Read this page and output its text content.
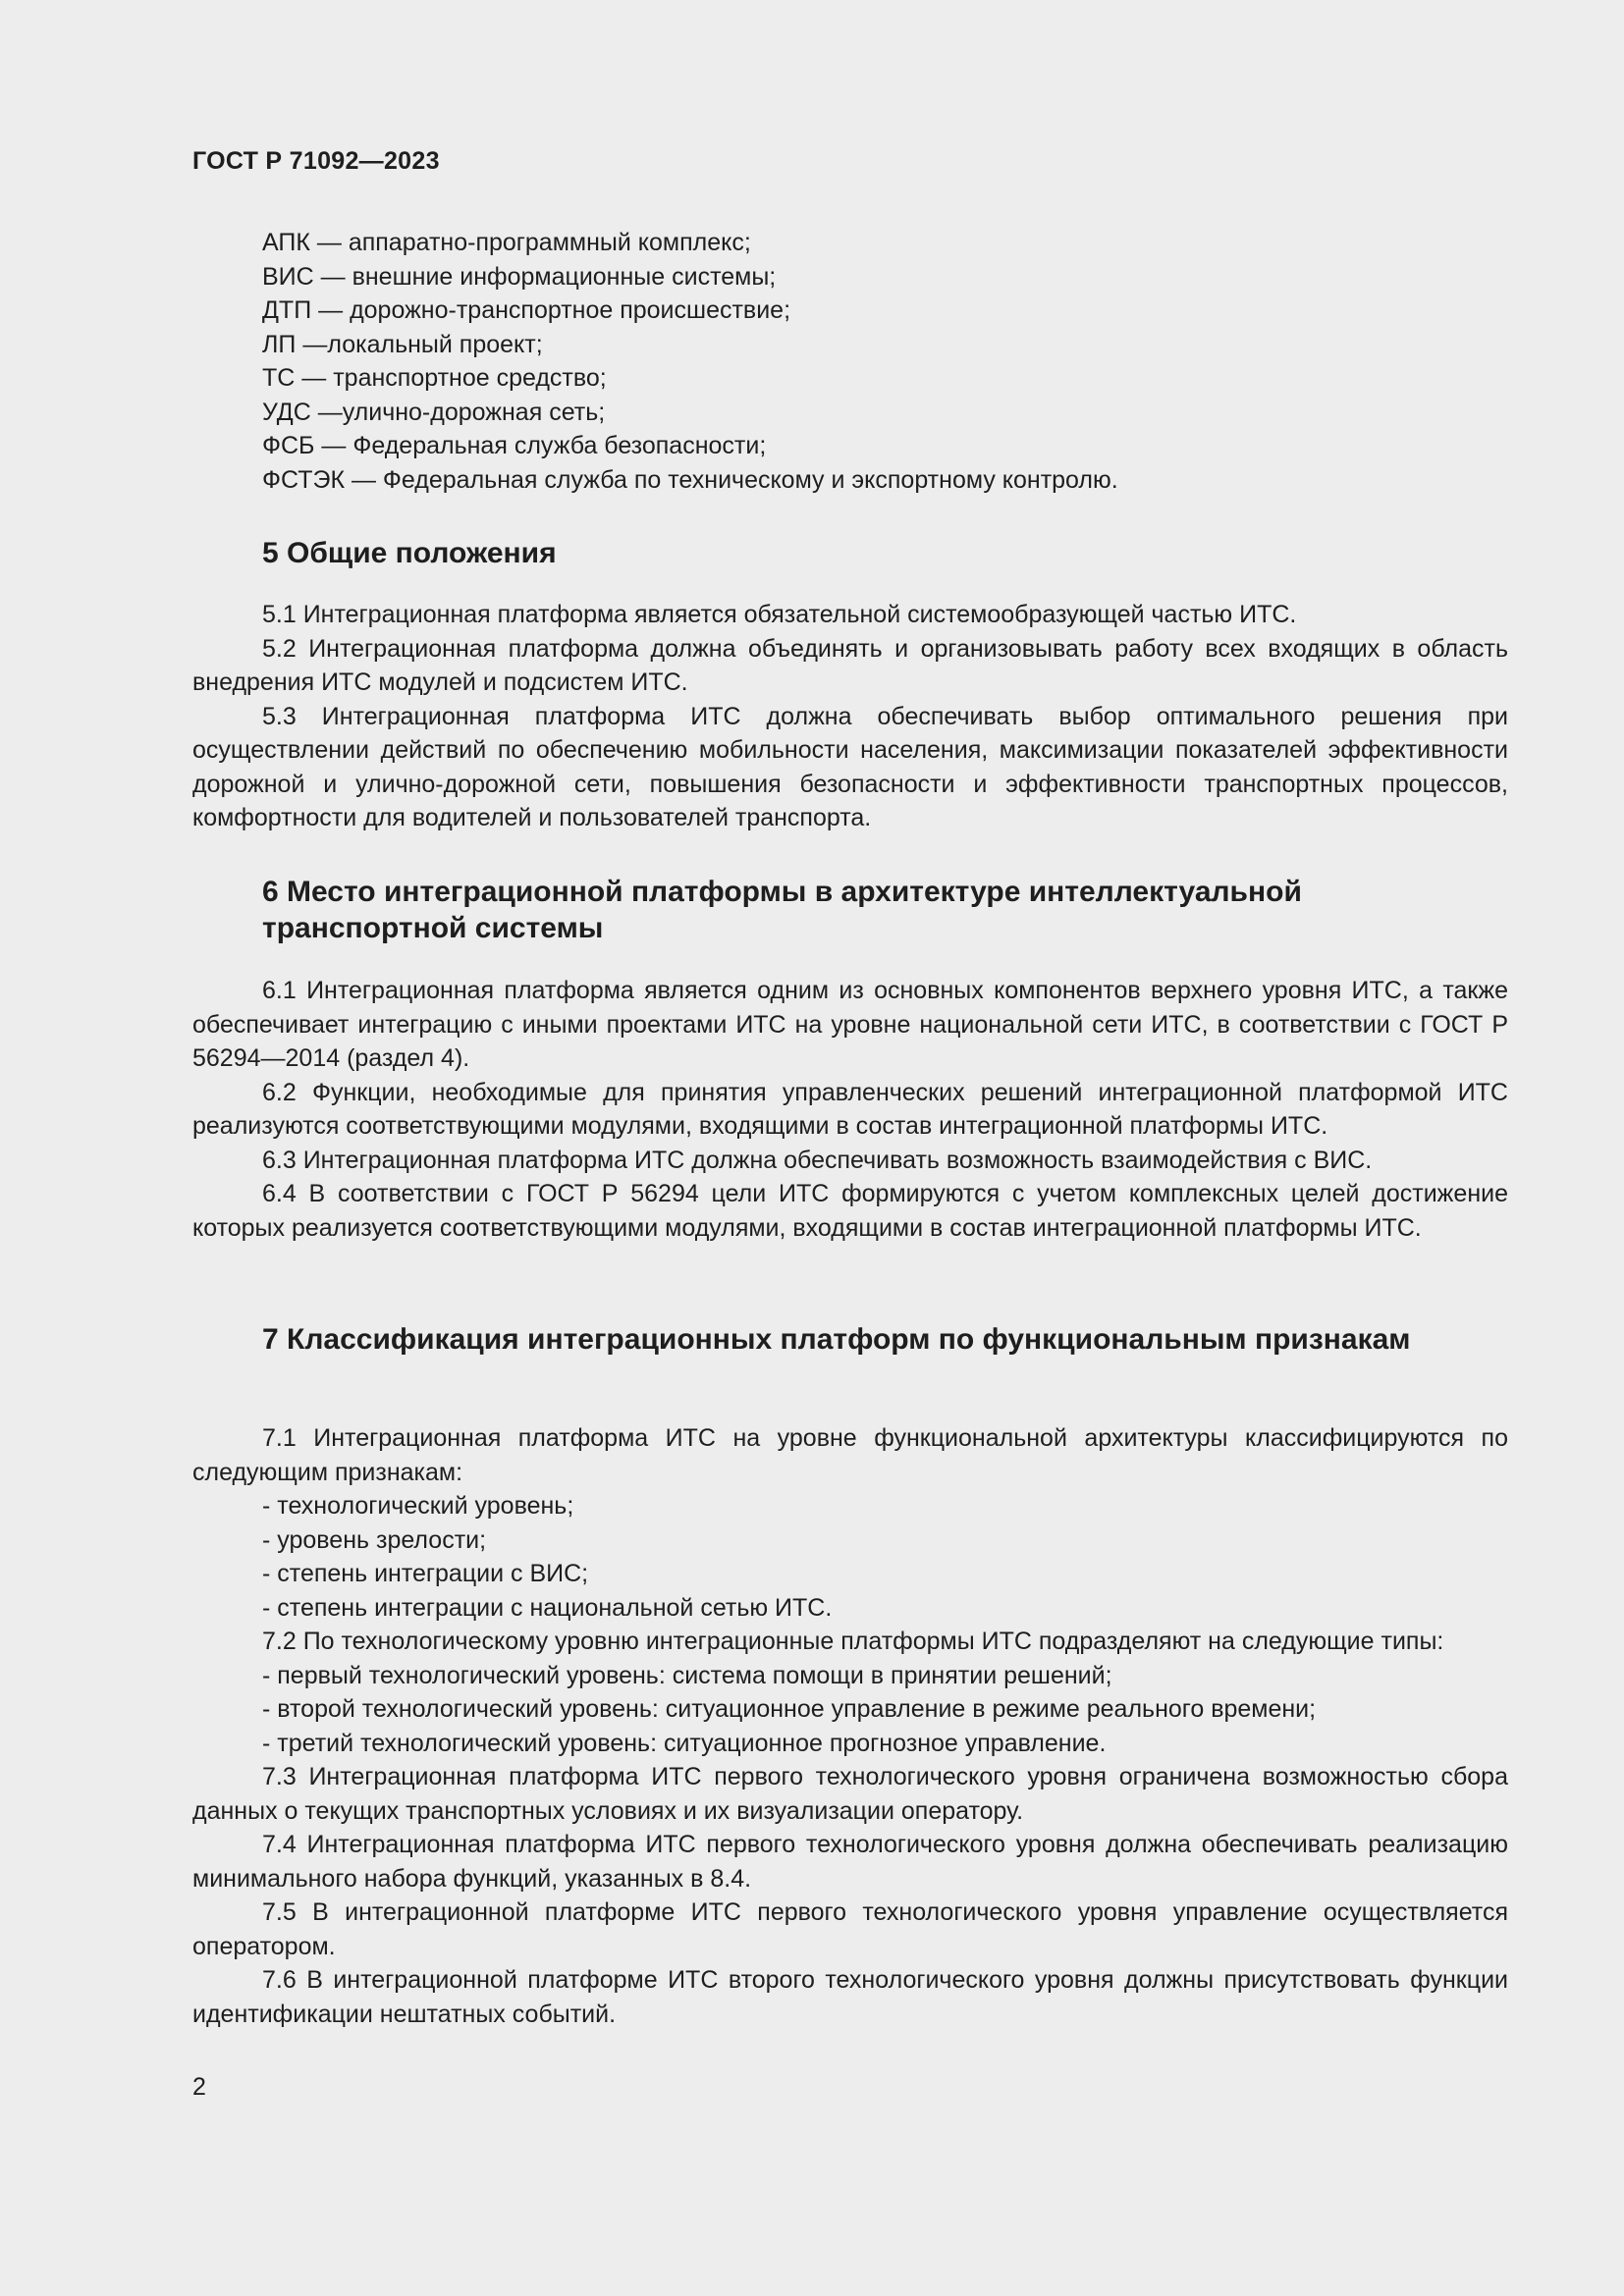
ГОСТ Р 71092—2023
АПК — аппаратно-программный комплекс;
ВИС — внешние информационные системы;
ДТП — дорожно-транспортное происшествие;
ЛП —локальный проект;
ТС — транспортное средство;
УДС —улично-дорожная сеть;
ФСБ — Федеральная служба безопасности;
ФСТЭК — Федеральная служба по техническому и экспортному контролю.
5 Общие положения

5.1 Интеграционная платформа является обязательной системообразующей частью ИТС.

5.2 Интеграционная платформа должна объединять и организовывать работу всех входящих в область внедрения ИТС модулей и подсистем ИТС.

5.3 Интеграционная платформа ИТС должна обеспечивать выбор оптимального решения при осуществлении действий по обеспечению мобильности населения, максимизации показателей эффективности дорожной и улично-дорожной сети, повышения безопасности и эффективности транспортных процессов, комфортности для водителей и пользователей транспорта.

6 Место интеграционной платформы в архитектуре интеллектуальной транспортной системы

6.1 Интеграционная платформа является одним из основных компонентов верхнего уровня ИТС, а также обеспечивает интеграцию с иными проектами ИТС на уровне национальной сети ИТС, в соответствии с ГОСТ Р 56294—2014 (раздел 4).

6.2 Функции, необходимые для принятия управленческих решений интеграционной платформой ИТС реализуются соответствующими модулями, входящими в состав интеграционной платформы ИТС.

6.3 Интеграционная платформа ИТС должна обеспечивать возможность взаимодействия с ВИС.

6.4 В соответствии с ГОСТ Р 56294 цели ИТС формируются с учетом комплексных целей достижение которых реализуется соответствующими модулями, входящими в состав интеграционной платформы ИТС.

7 Классификация интеграционных платформ по функциональным признакам

7.1 Интеграционная платформа ИТС на уровне функциональной архитектуры классифицируются по следующим признакам:

- технологический уровень;

- уровень зрелости;

- степень интеграции с ВИС;

- степень интеграции с национальной сетью ИТС.

7.2 По технологическому уровню интеграционные платформы ИТС подразделяют на следующие типы:

- первый технологический уровень: система помощи в принятии решений;

- второй технологический уровень: ситуационное управление в режиме реального времени;

- третий технологический уровень: ситуационное прогнозное управление.

7.3 Интеграционная платформа ИТС первого технологического уровня ограничена возможностью сбора данных о текущих транспортных условиях и их визуализации оператору.

7.4 Интеграционная платформа ИТС первого технологического уровня должна обеспечивать реализацию минимального набора функций, указанных в 8.4.

7.5 В интеграционной платформе ИТС первого технологического уровня управление осуществляется оператором.

7.6 В интеграционной платформе ИТС второго технологического уровня должны присутствовать функции идентификации нештатных событий.

2
